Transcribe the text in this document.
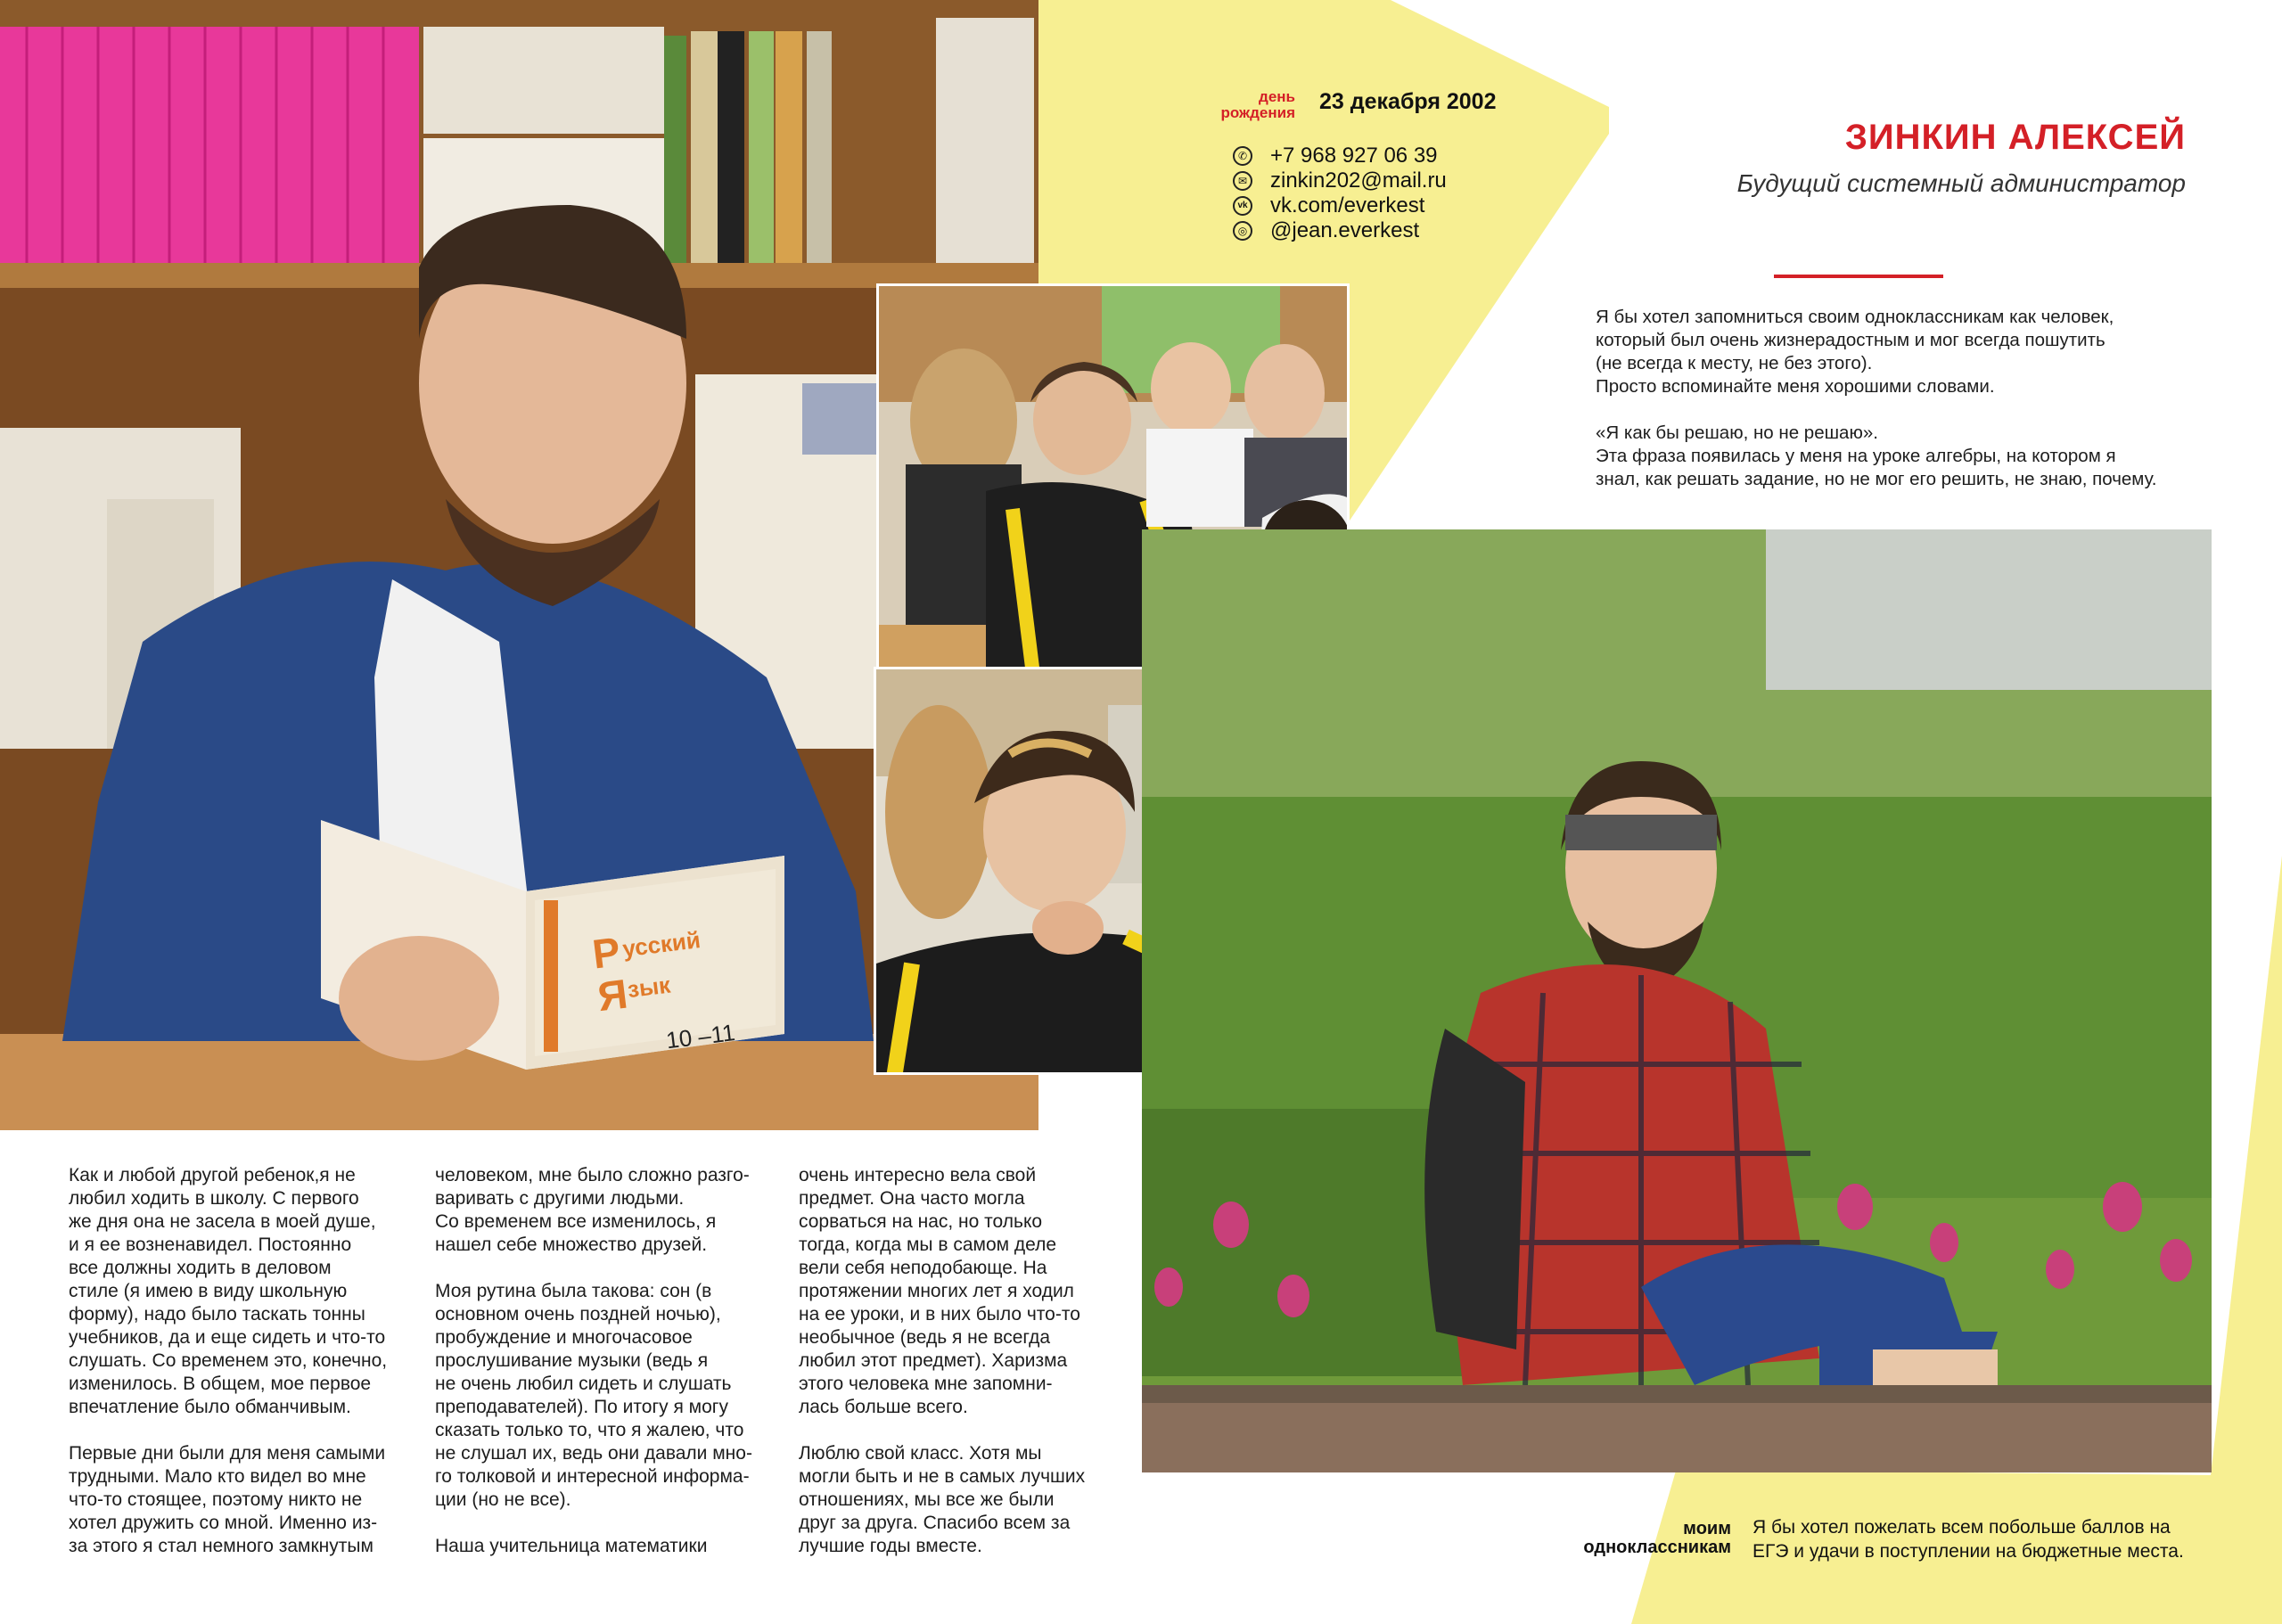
Р
усский
Я
зык
10 –11
день
рождения 23 декабря 2002
✆ +7 968 927 06 39
✉ zinkin202@mail.ru
vk vk.com/everkest
◎ @jean.everkest
ЗИНКИН АЛЕКСЕЙ
Будущий системный администратор
Я бы хотел запомниться своим одноклассникам как человек,
который был очень жизнерадостным и мог всегда пошутить
(не всегда к месту, не без этого).
Просто вспоминайте меня хорошими словами.
«Я как бы решаю, но не решаю».
Эта фраза появилась у меня на уроке алгебры, на котором я
знал, как решать задание, но не мог его решить, не знаю, почему.
Как и любой другой ребенок,я не
любил ходить в школу. С первого
же дня она не засела в моей душе,
и я ее возненавидел. Постоянно
все должны ходить в деловом
стиле (я имею в виду школьную
форму), надо было таскать тонны
учебников, да и еще сидеть и что-то
слушать. Со временем это, конечно,
изменилось. В общем, мое первое
впечатление было обманчивым.

Первые дни были для меня самыми
трудными. Мало кто видел во мне
что-то стоящее, поэтому никто не
хотел дружить со мной. Именно из-
за этого я стал немного замкнутым
человеком, мне было сложно разго-
варивать с другими людьми.
Со временем все изменилось, я
нашел себе множество друзей.

Моя рутина была такова: сон (в
основном очень поздней ночью),
пробуждение и многочасовое
прослушивание музыки (ведь я
не очень любил сидеть и слушать
преподавателей). По итогу я могу
сказать только то, что я жалею, что
не слушал их, ведь они давали мно-
го толковой и интересной информа-
ции (но не все).

Наша учительница математики
очень интересно вела свой
предмет. Она часто могла
сорваться на нас, но только
тогда, когда мы в самом деле
вели себя неподобающе. На
протяжении многих лет я ходил
на ее уроки, и в них было что-то
необычное (ведь я не всегда
любил этот предмет). Харизма
этого человека мне запомни-
лась больше всего.

Люблю свой класс. Хотя мы
могли быть и не в самых лучших
отношениях, мы все же были
друг за друга. Спасибо всем за
лучшие годы вместе.
моим
одноклассникам
Я бы хотел пожелать всем побольше баллов на
ЕГЭ и удачи в поступлении на бюджетные места.
